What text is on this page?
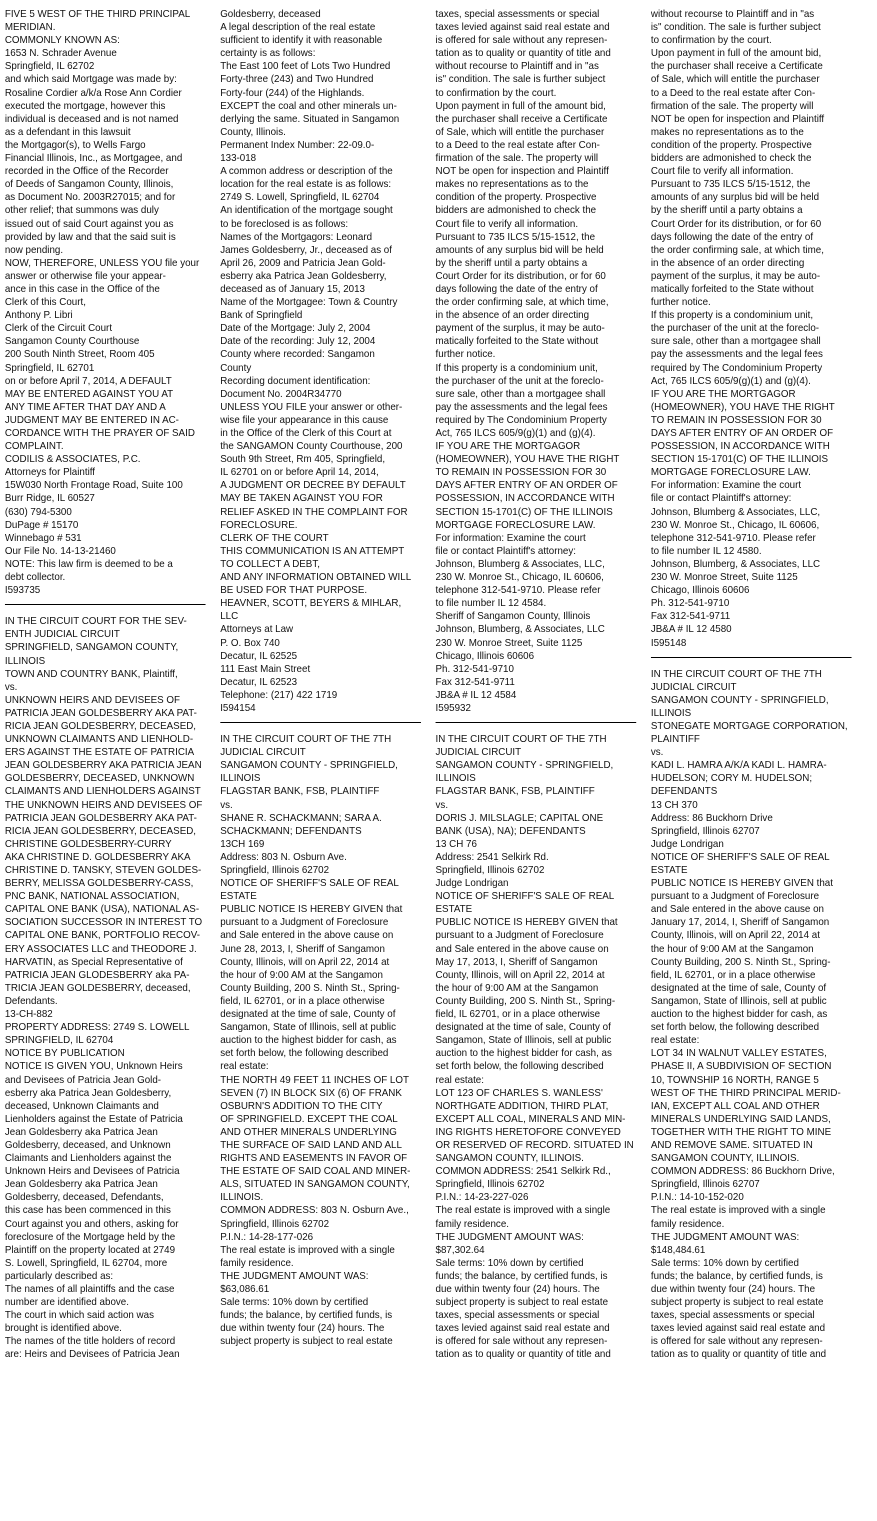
FIVE 5 WEST OF THE THIRD PRINCIPAL
MERIDIAN.
COMMONLY KNOWN AS:
1653 N. Schrader Avenue
Springfield, IL 62702
and which said Mortgage was made by:
Rosaline Cordier a/k/a Rose Ann Cordier
executed the mortgage, however this
individual is deceased and is not named
as a defendant in this lawsuit
the Mortgagor(s), to Wells Fargo
Financial Illinois, Inc., as Mortgagee, and
recorded in the Office of the Recorder
of Deeds of Sangamon County, Illinois,
as Document No. 2003R27015; and for
other relief; that summons was duly
issued out of said Court against you as
provided by law and that the said suit is
now pending.
NOW, THEREFORE, UNLESS YOU file your
answer or otherwise file your appear-
ance in this case in the Office of the
Clerk of this Court,
Anthony P. Libri
Clerk of the Circuit Court
Sangamon County Courthouse
200 South Ninth Street, Room 405
Springfield, IL 62701
on or before April 7, 2014, A DEFAULT
MAY BE ENTERED AGAINST YOU AT
ANY TIME AFTER THAT DAY AND A
JUDGMENT MAY BE ENTERED IN AC-
CORDANCE WITH THE PRAYER OF SAID
COMPLAINT.
CODILIS & ASSOCIATES, P.C.
Attorneys for Plaintiff
15W030 North Frontage Road, Suite 100
Burr Ridge, IL 60527
(630) 794-5300
DuPage # 15170
Winnebago # 531
Our File No. 14-13-21460
NOTE: This law firm is deemed to be a
debt collector.
I593735
IN THE CIRCUIT COURT FOR THE SEV-
ENTH JUDICIAL CIRCUIT
SPRINGFIELD, SANGAMON COUNTY,
ILLINOIS
TOWN AND COUNTRY BANK, Plaintiff,
vs.
UNKNOWN HEIRS AND DEVISEES OF
PATRICIA JEAN GOLDESBERRY AKA PAT-
RICIA JEAN GOLDESBERRY, DECEASED,
UNKNOWN CLAIMANTS AND LIENHOLD-
ERS AGAINST THE ESTATE OF PATRICIA
JEAN GOLDESBERRY AKA PATRICIA JEAN
GOLDESBERRY, DECEASED, UNKNOWN
CLAIMANTS AND LIENHOLDERS AGAINST
THE UNKNOWN HEIRS AND DEVISEES OF
PATRICIA JEAN GOLDESBERRY AKA PAT-
RICIA JEAN GOLDESBERRY, DECEASED,
CHRISTINE GOLDESBERRY-CURRY
AKA CHRISTINE D. GOLDESBERRY AKA
CHRISTINE D. TANSKY, STEVEN GOLDES-
BERRY, MELISSA GOLDESBERRY-CASS,
PNC BANK, NATIONAL ASSOCIATION,
CAPITAL ONE BANK (USA), NATIONAL AS-
SOCIATION SUCCESSOR IN INTEREST TO
CAPITAL ONE BANK, PORTFOLIO RECOV-
ERY ASSOCIATES LLC and THEODORE J.
HARVATIN, as Special Representative of
PATRICIA JEAN GLODESBERRY aka PA-
TRICIA JEAN GOLDESBERRY, deceased,
Defendants.
13-CH-882
PROPERTY ADDRESS: 2749 S. LOWELL
SPRINGFIELD, IL 62704
NOTICE BY PUBLICATION
NOTICE IS GIVEN YOU, Unknown Heirs
and Devisees of Patricia Jean Gold-
esberry aka Patrica Jean Goldesberry,
deceased, Unknown Claimants and
Lienholders against the Estate of Patricia
Jean Goldesberry aka Patrica Jean
Goldesberry, deceased, and Unknown
Claimants and Lienholders against the
Unknown Heirs and Devisees of Patricia
Jean Goldesberry aka Patrica Jean
Goldesberry, deceased, Defendants,
this case has been commenced in this
Court against you and others, asking for
foreclosure of the Mortgage held by the
Plaintiff on the property located at 2749
S. Lowell, Springfield, IL 62704, more
particularly described as:
The names of all plaintiffs and the case
number are identified above.
The court in which said action was
brought is identified above.
The names of the title holders of record
are: Heirs and Devisees of Patricia Jean
Goldesberry, deceased
A legal description of the real estate
sufficient to identify it with reasonable
certainty is as follows:
The East 100 feet of Lots Two Hundred
Forty-three (243) and Two Hundred
Forty-four (244) of the Highlands.
EXCEPT the coal and other minerals un-
derlying the same. Situated in Sangamon
County, Illinois.
Permanent Index Number: 22-09.0-
133-018
A common address or description of the
location for the real estate is as follows:
2749 S. Lowell, Springfield, IL 62704
An identification of the mortgage sought
to be foreclosed is as follows:
Names of the Mortgagors: Leonard
James Goldesberry, Jr., deceased as of
April 26, 2009 and Patricia Jean Gold-
esberry aka Patrica Jean Goldesberry,
deceased as of January 15, 2013
Name of the Mortgagee: Town & Country
Bank of Springfield
Date of the Mortgage: July 2, 2004
Date of the recording: July 12, 2004
County where recorded: Sangamon
County
Recording document identification:
Document No. 2004R34770
UNLESS YOU FILE your answer or other-
wise file your appearance in this cause
in the Office of the Clerk of this Court at
the SANGAMON County Courthouse, 200
South 9th Street, Rm 405, Springfield,
IL 62701 on or before April 14, 2014,
A JUDGMENT OR DECREE BY DEFAULT
MAY BE TAKEN AGAINST YOU FOR
RELIEF ASKED IN THE COMPLAINT FOR
FORECLOSURE.
CLERK OF THE COURT
THIS COMMUNICATION IS AN ATTEMPT
TO COLLECT A DEBT,
AND ANY INFORMATION OBTAINED WILL
BE USED FOR THAT PURPOSE.
HEAVNER, SCOTT, BEYERS & MIHLAR,
LLC
Attorneys at Law
P. O. Box 740
Decatur, IL 62525
111 East Main Street
Decatur, IL 62523
Telephone: (217) 422 1719
I594154
IN THE CIRCUIT COURT OF THE 7TH
JUDICIAL CIRCUIT
SANGAMON COUNTY - SPRINGFIELD,
ILLINOIS
FLAGSTAR BANK, FSB, PLAINTIFF
vs.
SHANE R. SCHACKMANN; SARA A.
SCHACKMANN; DEFENDANTS
13CH 169
Address: 803 N. Osburn Ave.
Springfield, Illinois 62702
NOTICE OF SHERIFF'S SALE OF REAL
ESTATE
PUBLIC NOTICE IS HEREBY GIVEN that
pursuant to a Judgment of Foreclosure
and Sale entered in the above cause on
June 28, 2013, I, Sheriff of Sangamon
County, Illinois, will on April 22, 2014 at
the hour of 9:00 AM at the Sangamon
County Building, 200 S. Ninth St., Spring-
field, IL 62701, or in a place otherwise
designated at the time of sale, County of
Sangamon, State of Illinois, sell at public
auction to the highest bidder for cash, as
set forth below, the following described
real estate:
THE NORTH 49 FEET 11 INCHES OF LOT
SEVEN (7) IN BLOCK SIX (6) OF FRANK
OSBURN'S ADDITION TO THE CITY
OF SPRINGFIELD. EXCEPT THE COAL
AND OTHER MINERALS UNDERLYING
THE SURFACE OF SAID LAND AND ALL
RIGHTS AND EASEMENTS IN FAVOR OF
THE ESTATE OF SAID COAL AND MINER-
ALS, SITUATED IN SANGAMON COUNTY,
ILLINOIS.
COMMON ADDRESS: 803 N. Osburn Ave.,
Springfield, Illinois 62702
P.I.N.: 14-28-177-026
The real estate is improved with a single
family residence.
THE JUDGMENT AMOUNT WAS:
$63,086.61
Sale terms: 10% down by certified
funds; the balance, by certified funds, is
due within twenty four (24) hours. The
subject property is subject to real estate
taxes, special assessments or special
taxes levied against said real estate and
is offered for sale without any represen-
tation as to quality or quantity of title and
without recourse to Plaintiff and in "as
is" condition. The sale is further subject
to confirmation by the court.
Upon payment in full of the amount bid,
the purchaser shall receive a Certificate
of Sale, which will entitle the purchaser
to a Deed to the real estate after Con-
firmation of the sale. The property will
NOT be open for inspection and Plaintiff
makes no representations as to the
condition of the property. Prospective
bidders are admonished to check the
Court file to verify all information.
Pursuant to 735 ILCS 5/15-1512, the
amounts of any surplus bid will be held
by the sheriff until a party obtains a
Court Order for its distribution, or for 60
days following the date of the entry of
the order confirming sale, at which time,
in the absence of an order directing
payment of the surplus, it may be auto-
matically forfeited to the State without
further notice.
If this property is a condominium unit,
the purchaser of the unit at the foreclo-
sure sale, other than a mortgagee shall
pay the assessments and the legal fees
required by The Condominium Property
Act, 765 ILCS 605/9(g)(1) and (g)(4).
IF YOU ARE THE MORTGAGOR
(HOMEOWNER), YOU HAVE THE RIGHT
TO REMAIN IN POSSESSION FOR 30
DAYS AFTER ENTRY OF AN ORDER OF
POSSESSION, IN ACCORDANCE WITH
SECTION 15-1701(C) OF THE ILLINOIS
MORTGAGE FORECLOSURE LAW.
For information: Examine the court
file or contact Plaintiff's attorney:
Johnson, Blumberg & Associates, LLC,
230 W. Monroe St., Chicago, IL 60606,
telephone 312-541-9710. Please refer
to file number IL 12 4584.
Sheriff of Sangamon County, Illinois
Johnson, Blumberg, & Associates, LLC
230 W. Monroe Street, Suite 1125
Chicago, Illinois 60606
Ph. 312-541-9710
Fax 312-541-9711
JB&A # IL 12 4584
I595932
IN THE CIRCUIT COURT OF THE 7TH
JUDICIAL CIRCUIT
SANGAMON COUNTY - SPRINGFIELD,
ILLINOIS
FLAGSTAR BANK, FSB, PLAINTIFF
vs.
DORIS J. MILSLAGLE; CAPITAL ONE
BANK (USA), NA); DEFENDANTS
13 CH 76
Address: 2541 Selkirk Rd.
Springfield, Illinois 62702
Judge Londrigan
NOTICE OF SHERIFF'S SALE OF REAL
ESTATE
PUBLIC NOTICE IS HEREBY GIVEN that
pursuant to a Judgment of Foreclosure
and Sale entered in the above cause on
May 17, 2013, I, Sheriff of Sangamon
County, Illinois, will on April 22, 2014 at
the hour of 9:00 AM at the Sangamon
County Building, 200 S. Ninth St., Spring-
field, IL 62701, or in a place otherwise
designated at the time of sale, County of
Sangamon, State of Illinois, sell at public
auction to the highest bidder for cash, as
set forth below, the following described
real estate:
LOT 123 OF CHARLES S. WANLESS'
NORTHGATE ADDITION, THIRD PLAT,
EXCEPT ALL COAL, MINERALS AND MIN-
ING RIGHTS HERETOFORE CONVEYED
OR RESERVED OF RECORD. SITUATED IN
SANGAMON COUNTY, ILLINOIS.
COMMON ADDRESS: 2541 Selkirk Rd.,
Springfield, Illinois 62702
P.I.N.: 14-23-227-026
The real estate is improved with a single
family residence.
THE JUDGMENT AMOUNT WAS:
$87,302.64
Sale terms: 10% down by certified
funds; the balance, by certified funds, is
due within twenty four (24) hours. The
subject property is subject to real estate
taxes, special assessments or special
taxes levied against said real estate and
is offered for sale without any represen-
tation as to quality or quantity of title and
without recourse to Plaintiff and in "as
is" condition. The sale is further subject
to confirmation by the court.
Upon payment in full of the amount bid,
the purchaser shall receive a Certificate
of Sale, which will entitle the purchaser
to a Deed to the real estate after Con-
firmation of the sale. The property will
NOT be open for inspection and Plaintiff
makes no representations as to the
condition of the property. Prospective
bidders are admonished to check the
Court file to verify all information.
Pursuant to 735 ILCS 5/15-1512, the
amounts of any surplus bid will be held
by the sheriff until a party obtains a
Court Order for its distribution, or for 60
days following the date of the entry of
the order confirming sale, at which time,
in the absence of an order directing
payment of the surplus, it may be auto-
matically forfeited to the State without
further notice.
If this property is a condominium unit,
the purchaser of the unit at the foreclo-
sure sale, other than a mortgagee shall
pay the assessments and the legal fees
required by The Condominium Property
Act, 765 ILCS 605/9(g)(1) and (g)(4).
IF YOU ARE THE MORTGAGOR
(HOMEOWNER), YOU HAVE THE RIGHT
TO REMAIN IN POSSESSION FOR 30
DAYS AFTER ENTRY OF AN ORDER OF
POSSESSION, IN ACCORDANCE WITH
SECTION 15-1701(C) OF THE ILLINOIS
MORTGAGE FORECLOSURE LAW.
For information: Examine the court
file or contact Plaintiff's attorney:
Johnson, Blumberg & Associates, LLC,
230 W. Monroe St., Chicago, IL 60606,
telephone 312-541-9710. Please refer
to file number IL 12 4580.
Johnson, Blumberg, & Associates, LLC
230 W. Monroe Street, Suite 1125
Chicago, Illinois 60606
Ph. 312-541-9710
Fax 312-541-9711
JB&A # IL 12 4580
I595148
IN THE CIRCUIT COURT OF THE 7TH
JUDICIAL CIRCUIT
SANGAMON COUNTY - SPRINGFIELD,
ILLINOIS
STONEGATE MORTGAGE CORPORATION,
PLAINTIFF
vs.
KADI L. HAMRA A/K/A KADI L. HAMRA-
HUDELSON; CORY M. HUDELSON;
DEFENDANTS
13 CH 370
Address: 86 Buckhorn Drive
Springfield, Illinois 62707
Judge Londrigan
NOTICE OF SHERIFF'S SALE OF REAL
ESTATE
PUBLIC NOTICE IS HEREBY GIVEN that
pursuant to a Judgment of Foreclosure
and Sale entered in the above cause on
January 17, 2014, I, Sheriff of Sangamon
County, Illinois, will on April 22, 2014 at
the hour of 9:00 AM at the Sangamon
County Building, 200 S. Ninth St., Spring-
field, IL 62701, or in a place otherwise
designated at the time of sale, County of
Sangamon, State of Illinois, sell at public
auction to the highest bidder for cash, as
set forth below, the following described
real estate:
LOT 34 IN WALNUT VALLEY ESTATES,
PHASE II, A SUBDIVISION OF SECTION
10, TOWNSHIP 16 NORTH, RANGE 5
WEST OF THE THIRD PRINCIPAL MERID-
IAN, EXCEPT ALL COAL AND OTHER
MINERALS UNDERLYING SAID LANDS,
TOGETHER WITH THE RIGHT TO MINE
AND REMOVE SAME. SITUATED IN
SANGAMON COUNTY, ILLINOIS.
COMMON ADDRESS: 86 Buckhorn Drive,
Springfield, Illinois 62707
P.I.N.: 14-10-152-020
The real estate is improved with a single
family residence.
THE JUDGMENT AMOUNT WAS:
$148,484.61
Sale terms: 10% down by certified
funds; the balance, by certified funds, is
due within twenty four (24) hours. The
subject property is subject to real estate
taxes, special assessments or special
taxes levied against said real estate and
is offered for sale without any represen-
tation as to quality or quantity of title and
